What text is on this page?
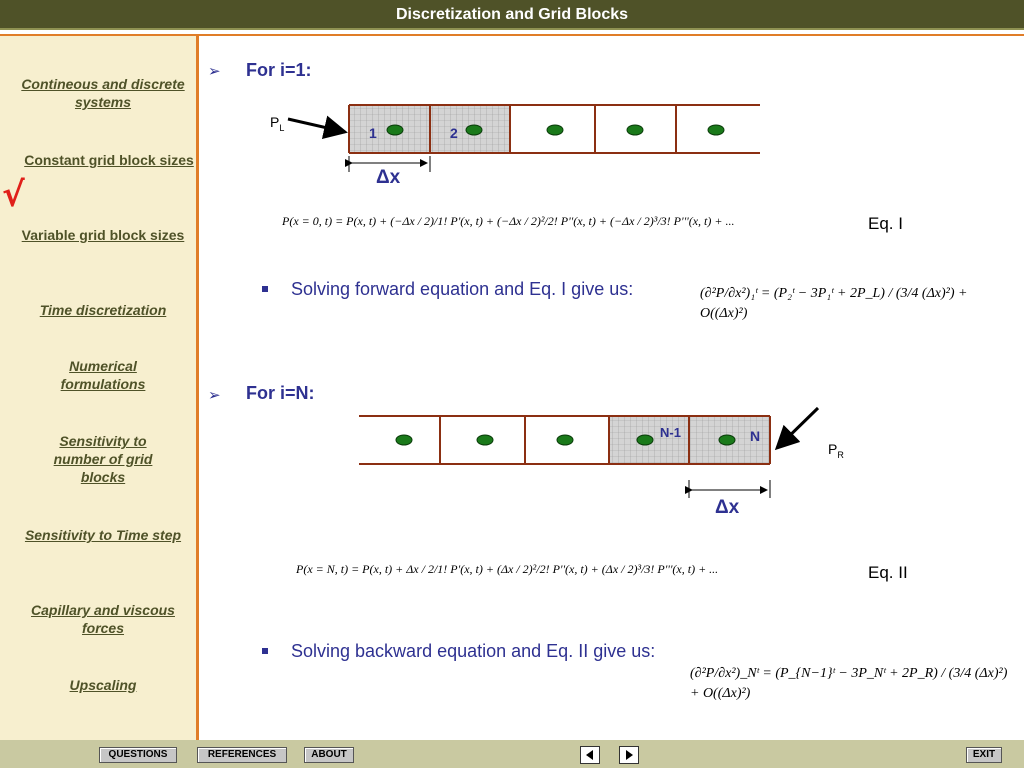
Discretization and Grid Blocks
√
Contineous and discrete systems
Constant grid block sizes
Variable grid block sizes
Time discretization
Numerical formulations
Sensitivity to number of grid blocks
Sensitivity to Time step
Capillary and viscous forces
Upscaling
➢ For i=1:
$P_L$	1	2
Δx
P(x = 0, t) = P(x, t) + (−Δx / 2)/1! P'(x, t) + (−Δx / 2)²/2! P''(x, t) + (−Δx / 2)³/3! P'''(x, t) + ...	Eq. I
Solving forward equation and Eq. I give us:	(∂²P/∂x²)₁ᵗ = (P₂ᵗ − 3P₁ᵗ + 2P_L) / (3/4 (Δx)²) + O((Δx)²)
➢ For i=N:
N-1	N
$P_R$
Δx
P(x = N, t) = P(x, t) + Δx / 2/1! P'(x, t) + (Δx / 2)²/2! P''(x, t) + (Δx / 2)³/3! P'''(x, t) + ...	Eq. II
Solving backward equation and Eq. II give us:
(∂²P/∂x²)_Nᵗ = (P_{N−1}ᵗ − 3P_Nᵗ + 2P_R) / (3/4 (Δx)²) + O((Δx)²)
QUESTIONS	REFERENCES	ABOUT	EXIT
